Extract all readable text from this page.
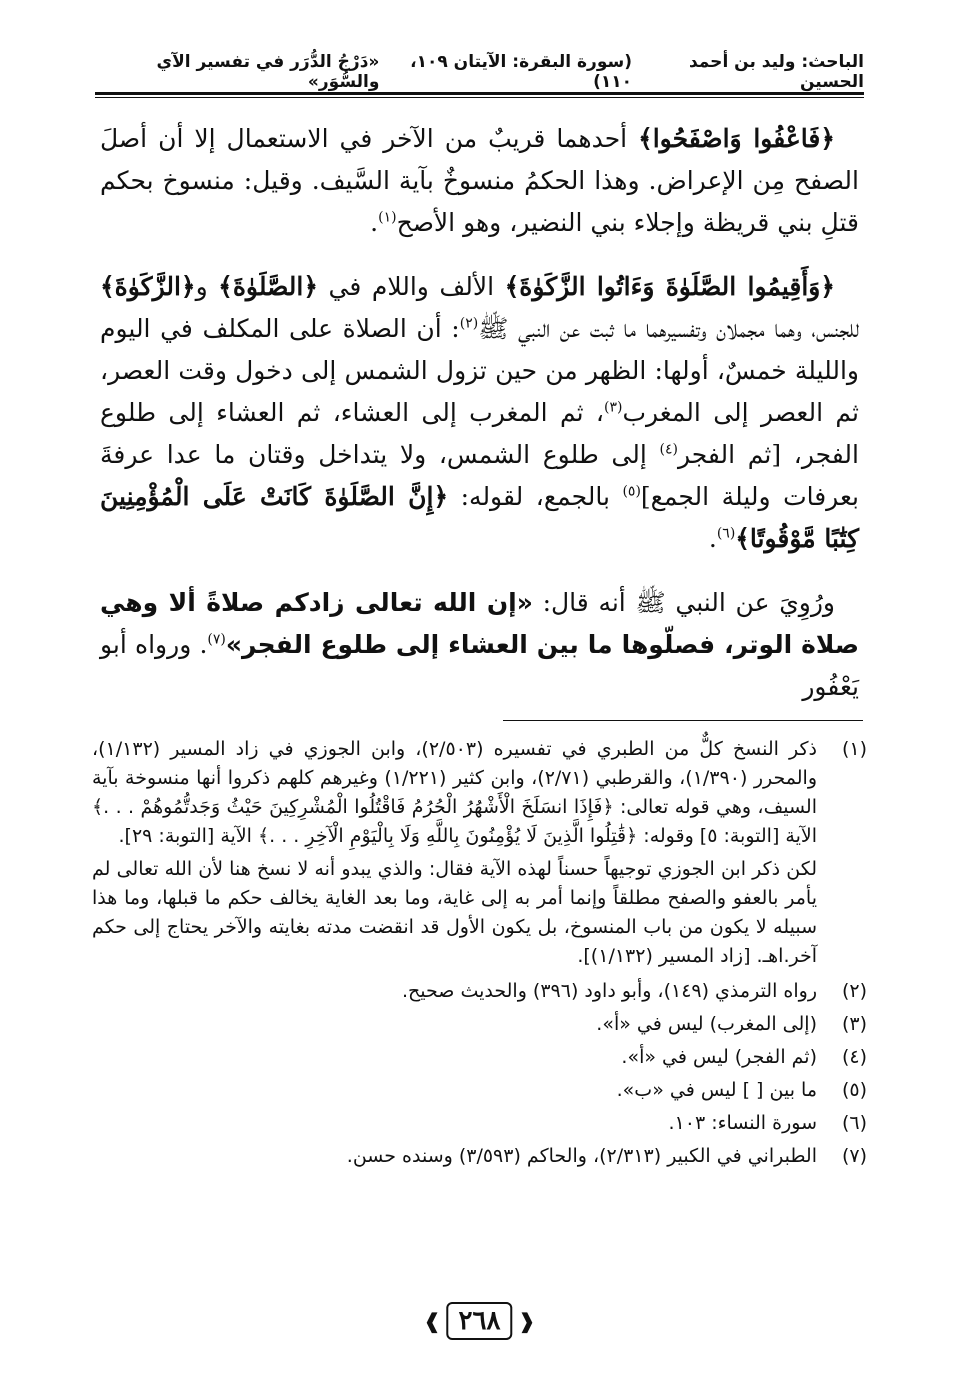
الباحث: وليد بن أحمد الحسين
(سورة البقرة: الآيتان ١٠٩، ١١٠)
«دَرْجُ الدُّرَر في تفسير الآي والسُّوَر»

﴿فَاعْفُوا وَاصْفَحُوا﴾ أحدهما قريبٌ من الآخر في الاستعمال إلا أن أصلَ الصفح مِن الإعراض. وهذا الحكمُ منسوخٌ بآية السَّيف. وقيل: منسوخ بحكم قتلِ بني قريظة وإجلاء بني النضير، وهو الأصح$^{(١)}$.

﴿وَأَقِيمُوا الصَّلَوٰةَ وَءَاتُوا الزَّكَوٰةَ﴾ الألف واللام في ﴿الصَّلَوٰةَ﴾ و﴿الزَّكَوٰةَ﴾ للجنس، وهما مجملان وتفسيرهما ما ثبت عن النبي ﷺ$^{(٢)}$: أن الصلاة على المكلف في اليوم والليلة خمسٌ، أولها: الظهر من حين تزول الشمس إلى دخول وقت العصر، ثم العصر إلى المغرب$^{(٣)}$، ثم المغرب إلى العشاء، ثم العشاء إلى طلوع الفجر، [ثم الفجر$^{(٤)}$ إلى طلوع الشمس، ولا يتداخل وقتان ما عدا عرفةَ بعرفات وليلة الجمع]$^{(٥)}$ بالجمع، لقوله: ﴿إِنَّ الصَّلَوٰةَ كَانَتْ عَلَى الْمُؤْمِنِينَ كِتَٰبًا مَّوْقُوتًا﴾$^{(٦)}$.

ورُوِيَ عن النبي ﷺ أنه قال: «إن الله تعالى زادكم صلاةً ألا وهي صلاة الوتر، فصلّوها ما بين العشاء إلى طلوع الفجر»$^{(٧)}$. ورواه أبو يَعْفُور

(١)
ذكر النسخ كلٌّ من الطبري في تفسيره (٢/٥٠٣)، وابن الجوزي في زاد المسير (١/١٣٢)، والمحرر (١/٣٩٠)، والقرطبي (٢/٧١)، وابن كثير (١/٢٢١) وغيرهم كلهم ذكروا أنها منسوخة بآية السيف، وهي قوله تعالى: ﴿فَإِذَا انسَلَخَ الْأَشْهُرُ الْحُرُمُ فَاقْتُلُوا الْمُشْرِكِينَ حَيْثُ وَجَدتُّمُوهُمْ . . .﴾ الآية [التوبة: ٥] وقوله: ﴿قَٰتِلُوا الَّذِينَ لَا يُؤْمِنُونَ بِاللَّهِ وَلَا بِالْيَوْمِ الْآخِرِ . . .﴾ الآية [التوبة: ٢٩].
لكن ذكر ابن الجوزي توجيهاً حسناً لهذه الآية فقال: والذي يبدو أنه لا نسخ هنا لأن الله تعالى لم يأمر بالعفو والصفح مطلقاً وإنما أمر به إلى غاية، وما بعد الغاية يخالف حكم ما قبلها، وما هذا سبيله لا يكون من باب المنسوخ، بل يكون الأول قد انقضت مدته بغايته والآخر يحتاج إلى حكم آخر.اهـ. [زاد المسير (١/١٣٢)].
(٢)
رواه الترمذي (١٤٩)، وأبو داود (٣٩٦) والحديث صحيح.
(٣)
(إلى المغرب) ليس في «أ».
(٤)
(ثم الفجر) ليس في «أ».
(٥)
ما بين [ ] ليس في «ب».
(٦)
سورة النساء: ١٠٣.
(٧)
الطبراني في الكبير (٢/٣١٣)، والحاكم (٣/٥٩٣) وسنده حسن.
❰
٢٦٨
❱
